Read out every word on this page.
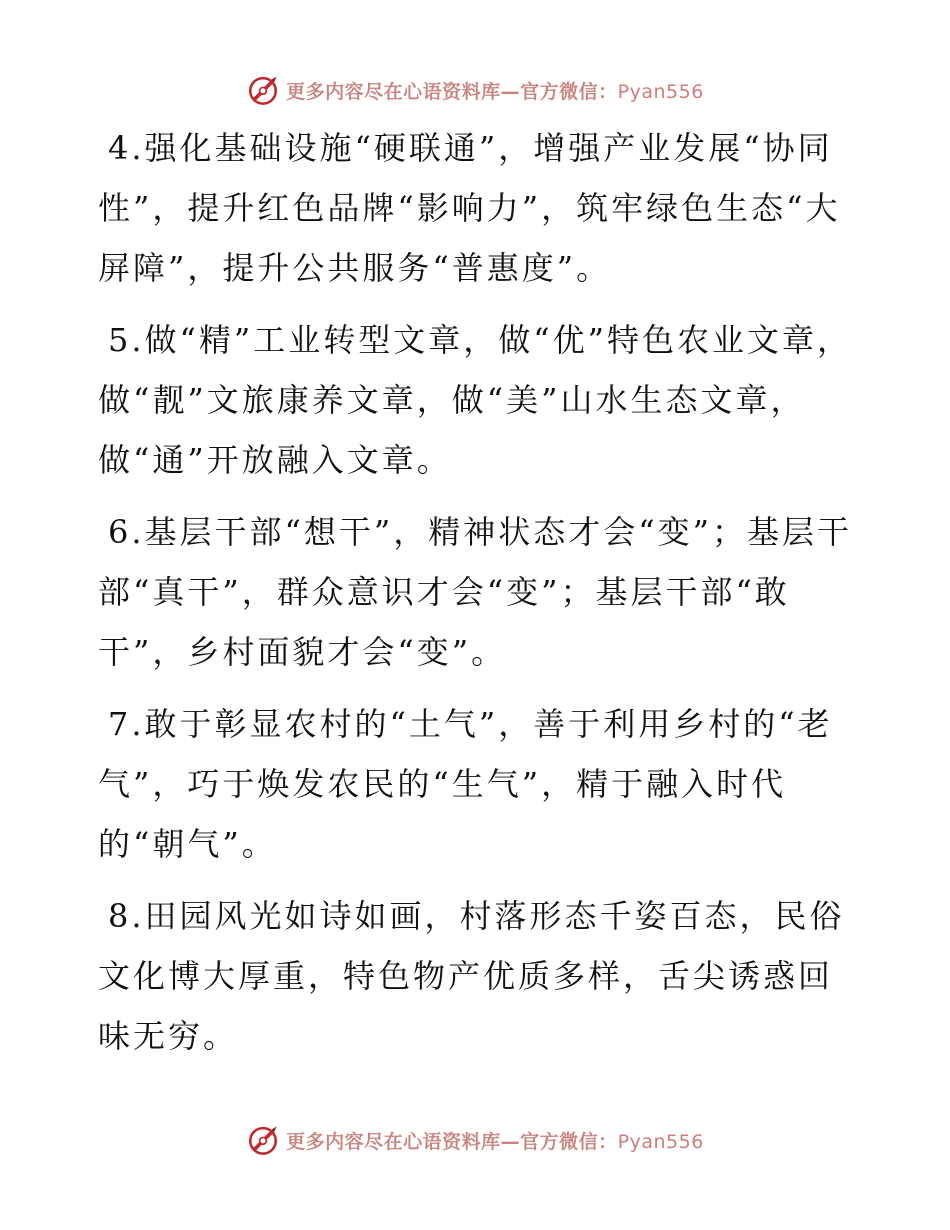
更多内容尽在心语资料库—官方微信：Pyan556

4.强化基础设施“硬联通”，增强产业发展“协同性”，提升红色品牌“影响力”，筑牢绿色生态“大屏障”，提升公共服务“普惠度”。

5.做“精”工业转型文章，做“优”特色农业文章，做“靓”文旅康养文章，做“美”山水生态文章，做“通”开放融入文章。

6.基层干部“想干”，精神状态才会“变”；基层干部“真干”，群众意识才会“变”；基层干部“敢干”，乡村面貌才会“变”。

7.敢于彰显农村的“土气”，善于利用乡村的“老气”，巧于焕发农民的“生气”，精于融入时代的“朝气”。

8.田园风光如诗如画，村落形态千姿百态，民俗文化博大厚重，特色物产优质多样，舌尖诱惑回味无穷。

更多内容尽在心语资料库—官方微信：Pyan556
